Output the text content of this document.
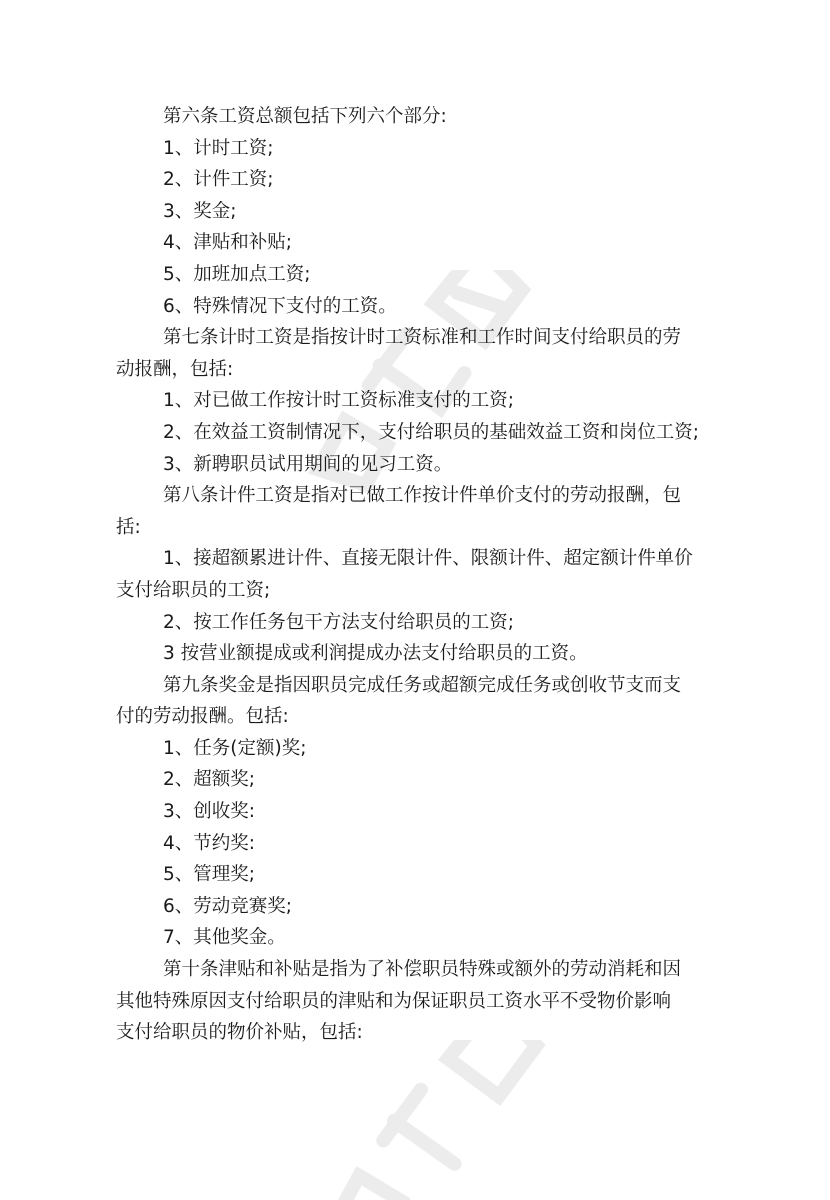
第六条工资总额包括下列六个部分:
1、计时工资;
2、计件工资;
3、奖金;
4、津贴和补贴;
5、加班加点工资;
6、特殊情况下支付的工资。
第七条计时工资是指按计时工资标准和工作时间支付给职员的劳
动报酬，包括:
1、对已做工作按计时工资标准支付的工资;
2、在效益工资制情况下，支付给职员的基础效益工资和岗位工资;
3、新聘职员试用期间的见习工资。
第八条计件工资是指对已做工作按计件单价支付的劳动报酬，包
括:
1、接超额累进计件、直接无限计件、限额计件、超定额计件单价
支付给职员的工资;
2、按工作任务包干方法支付给职员的工资;
3 按营业额提成或利润提成办法支付给职员的工资。
第九条奖金是指因职员完成任务或超额完成任务或创收节支而支
付的劳动报酬。包括:
1、任务(定额)奖;
2、超额奖;
3、创收奖:
4、节约奖:
5、管理奖;
6、劳动竞赛奖;
7、其他奖金。
第十条津贴和补贴是指为了补偿职员特殊或额外的劳动消耗和因
其他特殊原因支付给职员的津贴和为保证职员工资水平不受物价影响
支付给职员的物价补贴，包括:
